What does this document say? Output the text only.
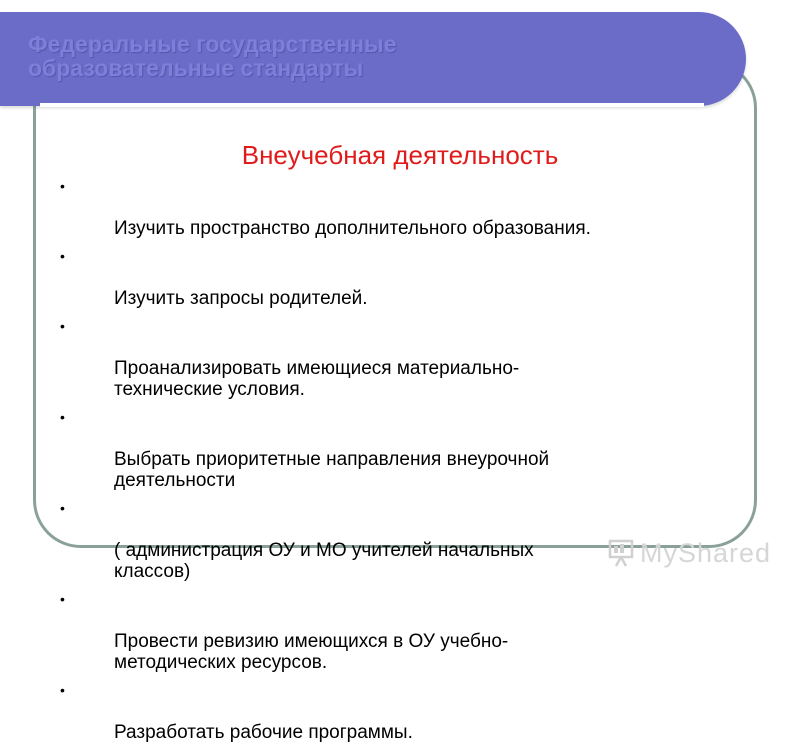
Федеральные государственные
образовательные стандарты
Внеучебная деятельность

•

Изучить пространство дополнительного образования.

•

Изучить запросы родителей.

•

Проанализировать имеющиеся материально-
технические условия.

•

Выбрать приоритетные направления внеурочной
деятельности

•

( администрация ОУ и МО учителей начальных
классов)

•

Провести ревизию имеющихся в ОУ учебно-
методических ресурсов.

•

Разработать рабочие программы.

MyShared
